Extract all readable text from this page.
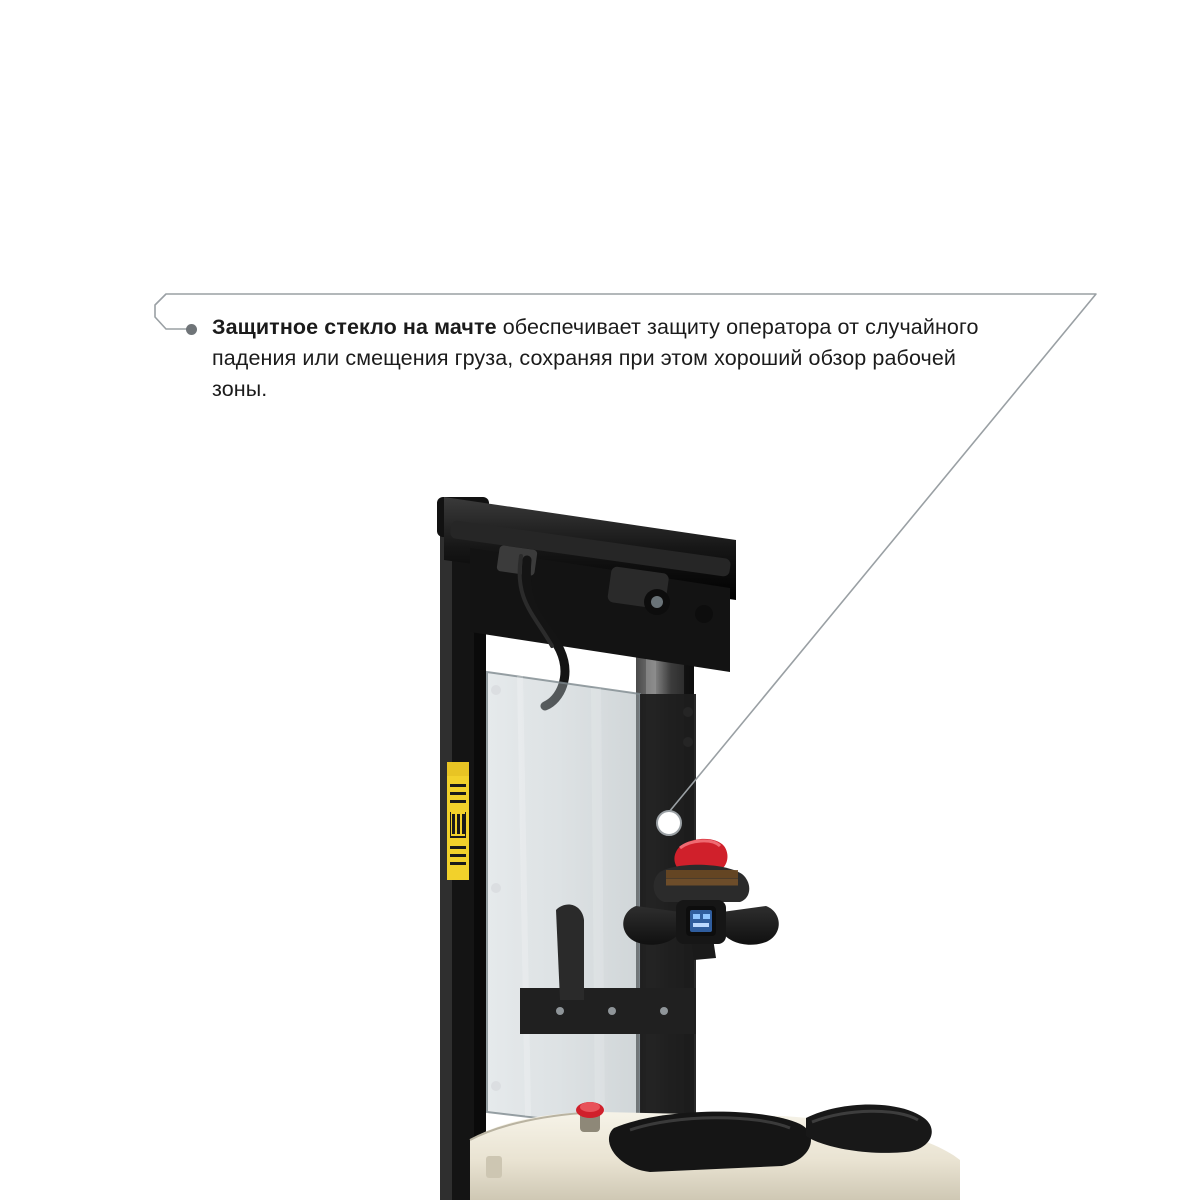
Защитное стекло на мачте обеспечивает защиту оператора от случайного падения или смещения груза, сохраняя при этом хороший обзор рабочей зоны.
